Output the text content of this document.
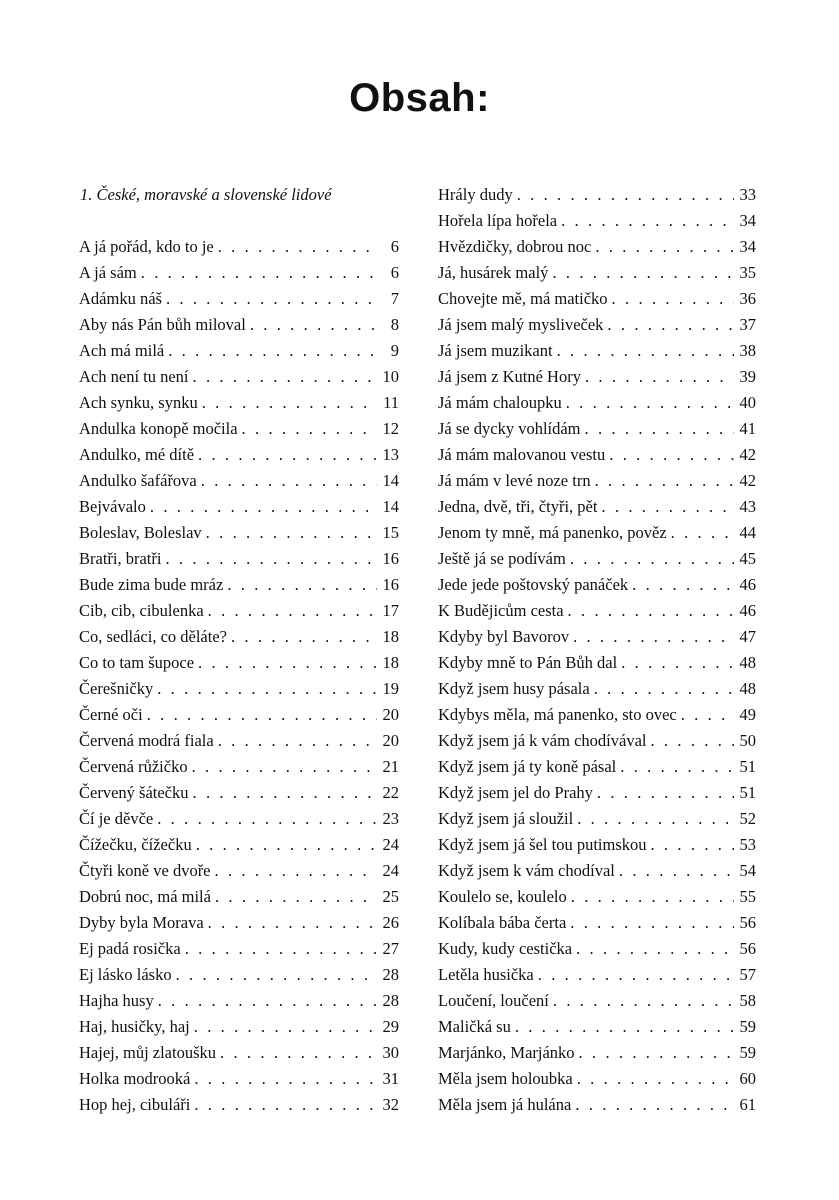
Obsah:
1. České, moravské a slovenské lidové
A já pořád, kdo to je . . .	6
A já sám . . .	6
Adámku náš . . .	7
Aby nás Pán bůh miloval . . .	8
Ach má milá . . .	9
Ach není tu není . . .	10
Ach synku, synku . . .	11
Andulka konopě močila . . .	12
Andulko, mé dítě . . .	13
Andulko šafářova . . .	14
Bejvávalo . . .	14
Boleslav, Boleslav . . .	15
Bratři, bratři . . .	16
Bude zima bude mráz . . .	16
Cib, cib, cibulenka . . .	17
Co, sedláci, co děláte? . . .	18
Co to tam šupoce . . .	18
Čerešničky . . .	19
Černé oči . . .	20
Červená modrá fiala . . .	20
Červená růžičko . . .	21
Červený šátečku . . .	22
Čí je děvče . . .	23
Čížečku, čížečku . . .	24
Čtyři koně ve dvoře . . .	24
Dobrú noc, má milá . . .	25
Dyby byla Morava . . .	26
Ej padá rosička . . .	27
Ej lásko lásko . . .	28
Hajha husy . . .	28
Haj, husičky, haj . . .	29
Hajej, můj zlatoušku . . .	30
Holka modrooká . . .	31
Hop hej, cibuláři . . .	32
Hrály dudy . . .	33
Hořela lípa hořela . . .	34
Hvězdičky, dobrou noc . . .	34
Já, husárek malý . . .	35
Chovejte mě, má matičko . . .	36
Já jsem malý mysliveček . . .	37
Já jsem muzikant . . .	38
Já jsem z Kutné Hory . . .	39
Já mám chaloupku . . .	40
Já se dycky vohlídám . . .	41
Já mám malovanou vestu . . .	42
Já mám v levé noze trn . . .	42
Jedna, dvě, tři, čtyři, pět . . .	43
Jenom ty mně, má panenko, pověz . . .	44
Ještě já se podívám . . .	45
Jede jede poštovský panáček . . .	46
K Budějicům cesta . . .	46
Kdyby byl Bavorov . . .	47
Kdyby mně to Pán Bůh dal . . .	48
Když jsem husy pásala . . .	48
Kdybys měla, má panenko, sto ovec . . .	49
Když jsem já k vám chodívával . . .	50
Když jsem já ty koně pásal . . .	51
Když jsem jel do Prahy . . .	51
Když jsem já sloužil . . .	52
Když jsem já šel tou putimskou . . .	53
Když jsem k vám chodíval . . .	54
Koulelo se, koulelo . . .	55
Kolíbala bába čerta . . .	56
Kudy, kudy cestička . . .	56
Letěla husička . . .	57
Loučení, loučení . . .	58
Maličká su . . .	59
Marjánko, Marjánko . . .	59
Měla jsem holoubka . . .	60
Měla jsem já hulána . . .	61
